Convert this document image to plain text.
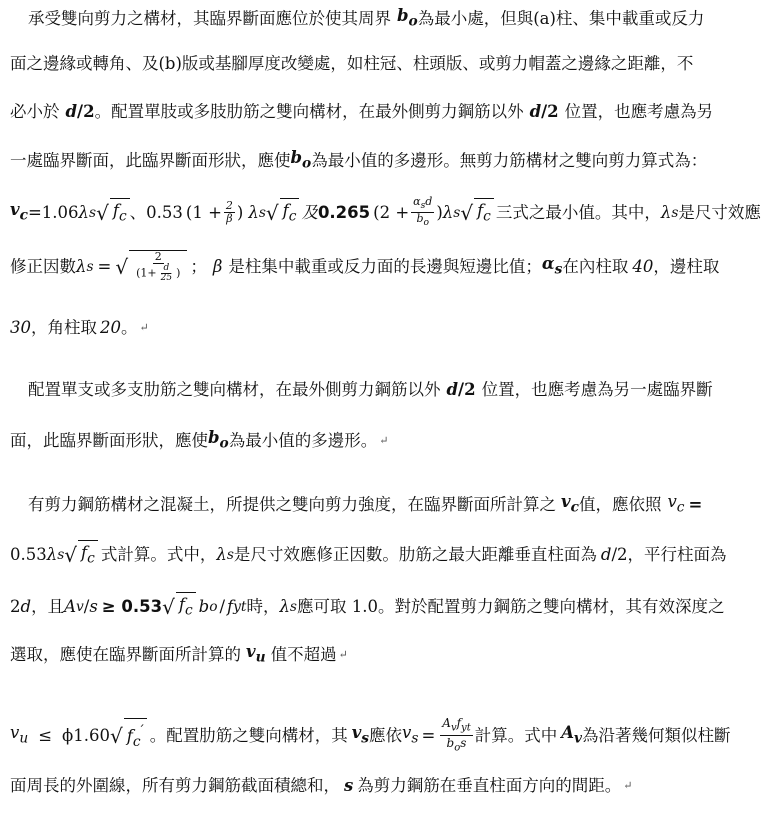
承受雙向剪力之構材，其臨界斷面應位於使其周界 $b_o$ 為最小處，但與(a)柱、集中載重或反力
面之邊緣或轉角、及(b)版或基腳厚度改變處，如柱冠、柱頭版、或剪力帽蓋之邊緣之距離，不
必小於 d /2 。配置單肢或多肢肋筋之雙向構材，在最外側剪力鋼筋以外 d /2 位置，也應考慮為另
一處臨界斷面，此臨界斷面形狀，應使 $b_o$ 為最小值的多邊形。無剪力筋構材之雙向剪力算式為：
$v_c =1.06$ λ s √ $f_c$ 、0.53 ($1 + \frac{2}{\beta}$ ) λ s √ $f_c$ 及 0.265 ($2 + \frac{\alpha_sd}{b_o}$ ) λ s √ $f_c$ 三式之最小值。其中， λ s 是尺寸效應
修正因數 λ s = √ $\frac{2}{(1+ \frac{d}{25} )}$ ； β 是柱集中載重或反力面的長邊與短邊比值； $\alpha_s$ 在內柱取 40 ，邊柱取
30 ，角柱取 20 。 ↵
配置單支或多支肋筋之雙向構材，在最外側剪力鋼筋以外 d /2 位置，也應考慮為另一處臨界斷
面，此臨界斷面形狀，應使 $b_o$ 為最小值的多邊形。 ↵
有剪力鋼筋構材之混凝土，所提供之雙向剪力強度，在臨界斷面所計算之 $v_c$ 值，應依照 $v_c$ =
0.53 λ s √ $f_c$ 式計算。式中， λ s 是尺寸效應修正因數。肋筋之最大距離垂直柱面為 d /2，平行柱面為
2 d ，且 A v / s ≥ 0.53 √ $f_c$ b o / f yt 時， λ s 應可取 1.0。對於配置剪力鋼筋之雙向構材，其有效深度之
選取，應使在臨界斷面所計算的 $v_u$ 值不超過 ↵
$v_u \le \phi 1.60$ √ $f_c'$ 。配置肋筋之雙向構材，其 $v_s$ 應依 $v_s = \frac{A_vf_{yt}}{b_os}$ 計算。式中 $A_v$ 為沿著幾何類似柱斷
面周長的外圍線，所有剪力鋼筋截面積總和， s 為剪力鋼筋在垂直柱面方向的間距。 ↵
